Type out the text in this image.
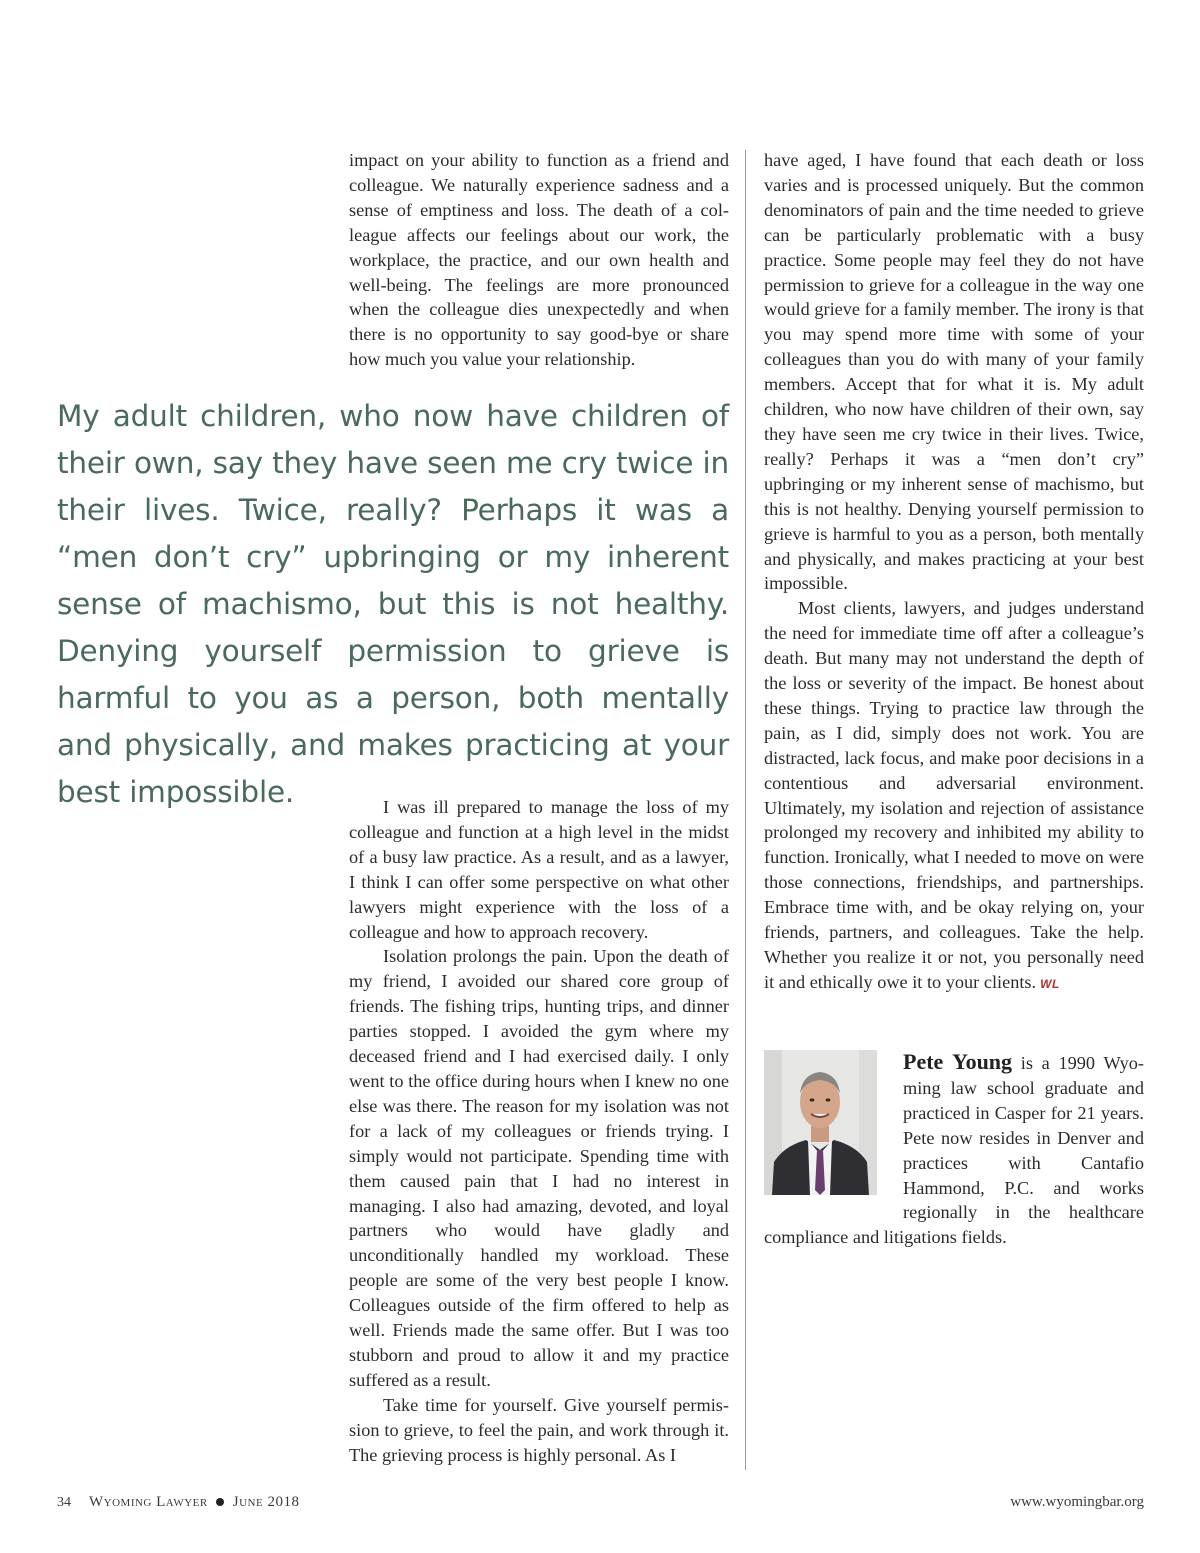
impact on your ability to function as a friend and colleague. We naturally experience sadness and a sense of emptiness and loss. The death of a colleague affects our feelings about our work, the workplace, the practice, and our own health and well-being. The feelings are more pronounced when the colleague dies unexpectedly and when there is no opportunity to say good-bye or share how much you value your relationship.

My adult children, who now have children of their own, say they have seen me cry twice in their lives. Twice, really? Perhaps it was a “men don’t cry” upbringing or my inherent sense of machismo, but this is not healthy. Denying yourself permission to grieve is harmful to you as a person, both mentally and physically, and makes practicing at your best impossible.	I was ill prepared to manage the loss of my colleague and function at a high level in the midst of a busy law practice. As a result, and as a lawyer, I think I can offer some perspective on what other lawyers might experience with the loss of a colleague and how to approach recovery.

Isolation prolongs the pain. Upon the death of my friend, I avoided our shared core group of friends. The fishing trips, hunting trips, and dinner parties stopped. I avoided the gym where my deceased friend and I had exercised daily. I only went to the office during hours when I knew no one else was there. The reason for my isolation was not for a lack of my colleagues or friends trying. I simply would not participate. Spending time with them caused pain that I had no interest in managing. I also had amazing, devoted, and loyal partners who would have gladly and unconditionally handled my workload. These people are some of the very best people I know. Colleagues outside of the firm offered to help as well. Friends made the same offer. But I was too stubborn and proud to allow it and my practice suffered as a result.

Take time for yourself. Give yourself permission to grieve, to feel the pain, and work through it. The grieving process is highly personal. As I

have aged, I have found that each death or loss varies and is processed uniquely. But the common denominators of pain and the time needed to grieve can be particularly problematic with a busy practice. Some people may feel they do not have permission to grieve for a colleague in the way one would grieve for a family member. The irony is that you may spend more time with some of your colleagues than you do with many of your family members. Accept that for what it is. My adult children, who now have children of their own, say they have seen me cry twice in their lives. Twice, really? Perhaps it was a “men don’t cry” upbringing or my inherent sense of machismo, but this is not healthy. Denying yourself permission to grieve is harmful to you as a person, both mentally and physically, and makes practicing at your best impossible.

Most clients, lawyers, and judges understand the need for immediate time off after a colleague’s death. But many may not understand the depth of the loss or severity of the impact. Be honest about these things. Trying to practice law through the pain, as I did, simply does not work. You are distracted, lack focus, and make poor decisions in a contentious and adversarial environment. Ultimately, my isolation and rejection of assistance prolonged my recovery and inhibited my ability to function. Ironically, what I needed to move on were those connections, friendships, and partnerships. Embrace time with, and be okay relying on, your friends, partners, and colleagues. Take the help. Whether you realize it or not, you personally need it and ethically owe it to your clients. WL

Pete Young is a 1990 Wyoming law school graduate and practiced in Casper for 21 years. Pete now resides in Denver and practices with Cantafio Hammond, P.C. and works regionally in the healthcare compliance and litigations fields.
34 Wyoming Lawyer June 2018	www.wyomingbar.org
